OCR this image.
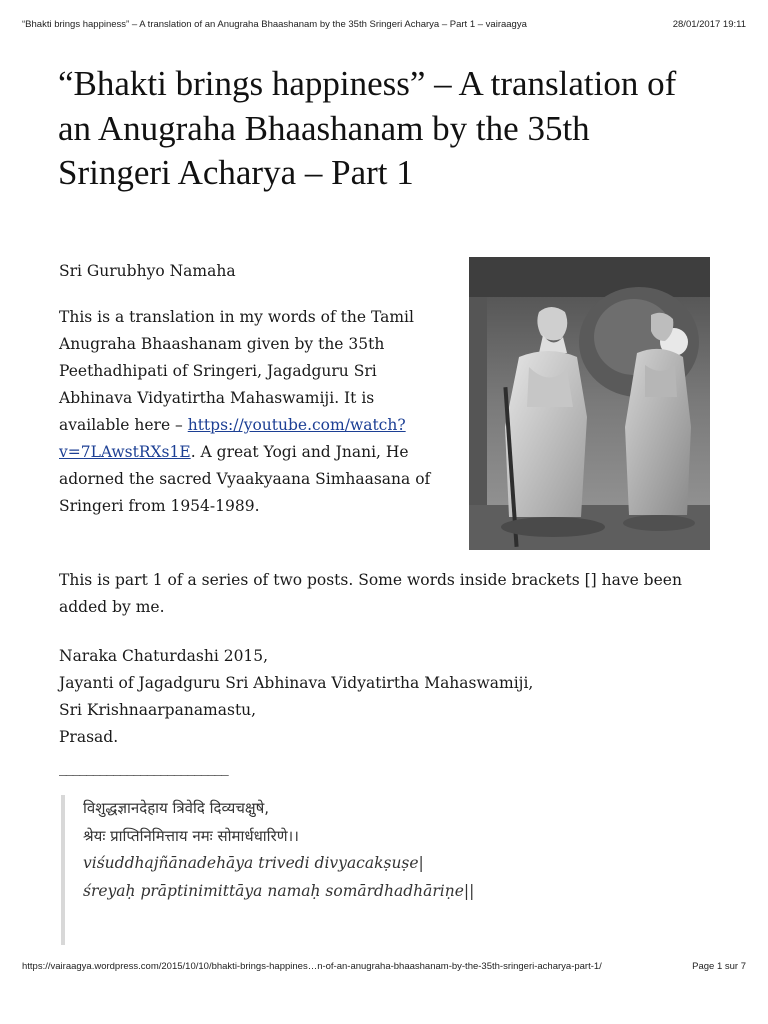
“Bhakti brings happiness” – A translation of an Anugraha Bhaashanam by the 35th Sringeri Acharya – Part 1 – vairaagya	28/01/2017 19:11
“Bhakti brings happiness” – A translation of an Anugraha Bhaashanam by the 35th Sringeri Acharya – Part 1

Sri Gurubhyo Namaha

This is a translation in my words of the Tamil Anugraha Bhaashanam given by the 35th Peethadhipati of Sringeri, Jagadguru Sri Abhinava Vidyatirtha Mahaswamiji. It is available here – https://youtube.com/watch?v=7LAwstRXs1E. A great Yogi and Jnani, He adorned the sacred Vyaakyaana Simhaasana of Sringeri from 1954-1989.

This is part 1 of a series of two posts. Some words inside brackets [] have been added by me.

Naraka Chaturdashi 2015,
Jayanti of Jagadguru Sri Abhinava Vidyatirtha Mahaswamiji,
Sri Krishnaarpanamastu,
Prasad.

_________________________

विशुद्धज्ञानदेहाय त्रिवेदि दिव्यचक्षुषे,
श्रेयः प्राप्तिनिमित्ताय नमः सोमार्धधारिणे।।
viśuddhajñānadehāya trivedi divyacakṣuṣe|
śreyaḥ prāptinimittāya namaḥ somārdhadhāriṇe||
https://vairaagya.wordpress.com/2015/10/10/bhakti-brings-happines…n-of-an-anugraha-bhaashanam-by-the-35th-sringeri-acharya-part-1/	Page 1 sur 7
